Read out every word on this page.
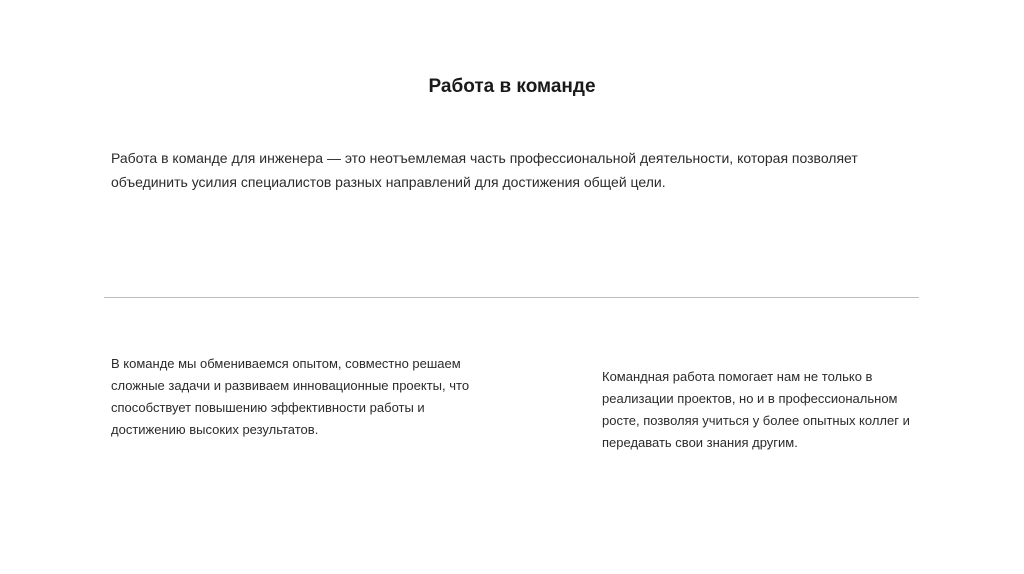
Работа в команде

Работа в команде для инженера — это неотъемлемая часть профессиональной деятельности, которая позволяет объединить усилия специалистов разных направлений для достижения общей цели.

В команде мы обмениваемся опытом, совместно решаем сложные задачи и развиваем инновационные проекты, что способствует повышению эффективности работы и достижению высоких результатов.

Командная работа помогает нам не только в реализации проектов, но и в профессиональном росте, позволяя учиться у более опытных коллег и передавать свои знания другим.
